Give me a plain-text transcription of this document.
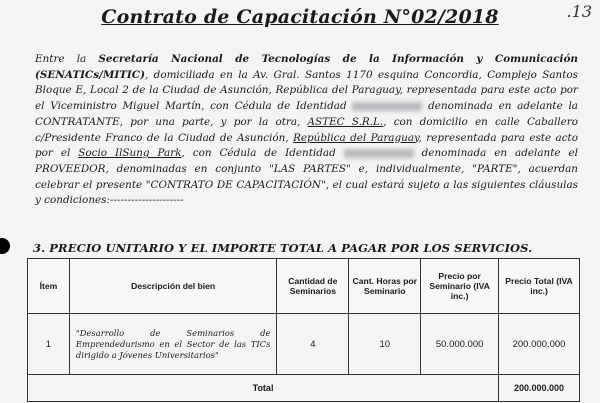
Contrato de Capacitación N°02/2018	.13
Entre la Secretaría Nacional de Tecnologías de la Información y Comunicación (SENATICs/MITIC), domiciliada en la Av. Gral. Santos 1170 esquina Concordia, Complejo Santos Bloque E, Local 2 de la Ciudad de Asunción, República del Paraguay, representada para este acto por el Viceministro Miguel Martín, con Cédula de Identidad	denominada en adelante la CONTRATANTE, por una parte, y por la otra, ASTEC S.R.L., con domicilio en calle Caballero c/Presidente Franco de la Ciudad de Asunción, República del Paraguay, representada para este acto por el Socio IlSung Park, con Cédula de Identidad	denominada en adelante el PROVEEDOR, denominadas en conjunto "LAS PARTES" e, individualmente, "PARTE", acuerdan celebrar el presente "CONTRATO DE CAPACITACIÓN", el cual estará sujeto a las siguientes cláusulas y condiciones:---------------------
3. PRECIO UNITARIO Y EL IMPORTE TOTAL A PAGAR POR LOS SERVICIOS.
Ítem	Descripción del bien	Cantidad de Seminarios	Cant. Horas por Seminario	Precio por Seminario (IVA inc.)	Precio Total (IVA inc.)
1	"Desarrollo de Seminarios de Emprendedurismo en el Sector de las TICs dirigido a Jóvenes Universitarios"	4	10	50.000.000	200.000.000
Total					200.000.000
